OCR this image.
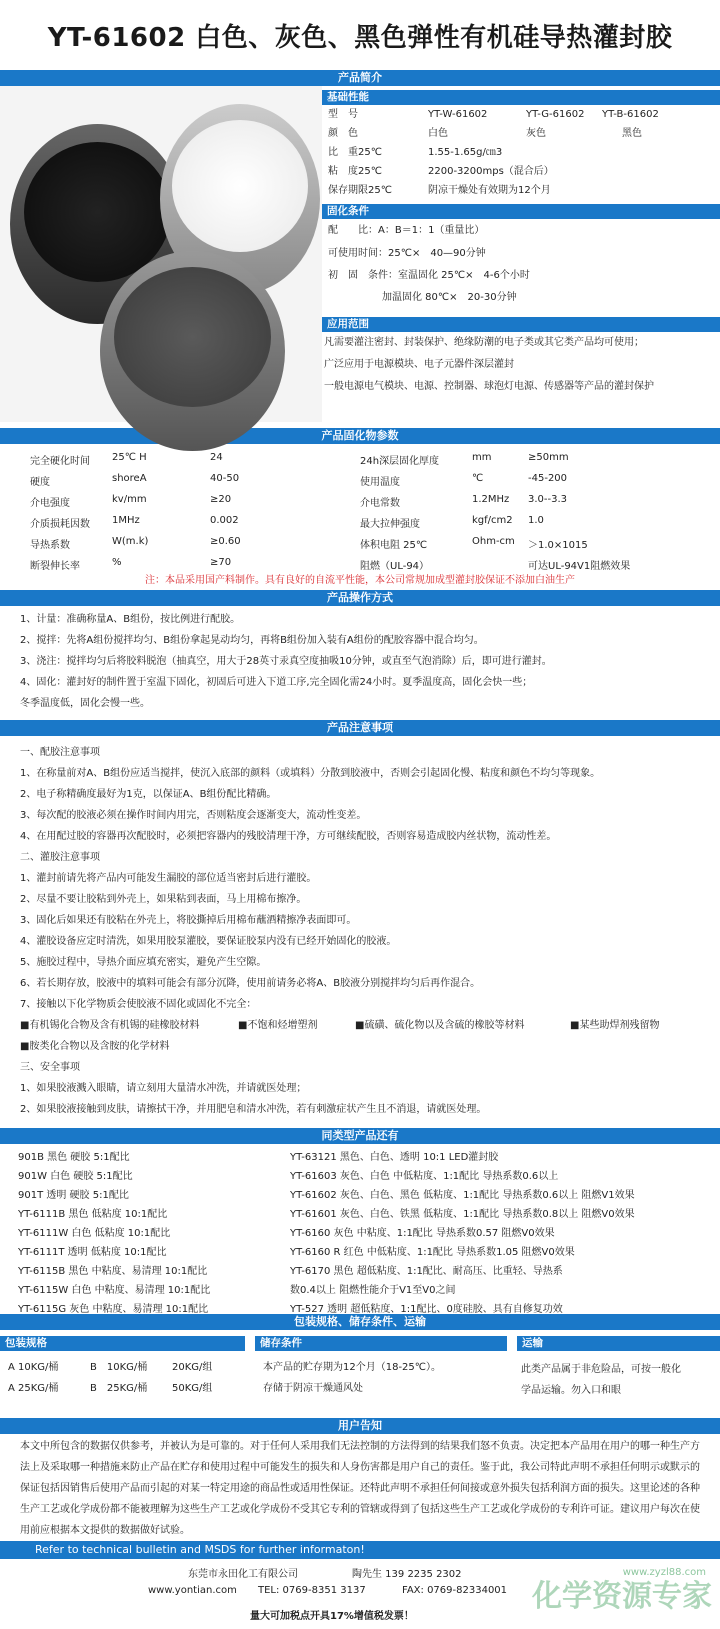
YT-61602 白色、灰色、黑色弹性有机硅导热灌封胶
产品简介
基础性能
型　号	YT-W-61602	YT-G-61602 YT-B-61602
颜　色	白色	灰色	黑色
比　重25℃	1.55-1.65g/㎝3
粘　度25℃	2200-3200mps（混合后）
保存期限25℃	阴凉干燥处有效期为12个月
固化条件
配　　比：A：B＝1：1（重量比）
可使用时间：25℃×　40—90分钟
初　固　条件：室温固化 25℃×　4-6个小时
加温固化 80℃×　20-30分钟
应用范围
凡需要灌注密封、封装保护、绝缘防潮的电子类或其它类产品均可使用；
广泛应用于电源模块、电子元器件深层灌封
一般电源电气模块、电源、控制器、球泡灯电源、传感器等产品的灌封保护
产品固化物参数
完全硬化时间 25℃ H	24	24h深层固化厚度	mm	≥50mm
硬度	shoreA	40-50	使用温度	℃	-45-200
介电强度	kv/mm	≥20	介电常数	1.2MHz 3.0--3.3
介质损耗因数 1MHz	0.002	最大拉伸强度	kgf/cm2 1.0
导热系数	W(m.k)	≥0.60	体积电阻 25℃	Ohm-cm ＞1.0×1015
断裂伸长率	%	≥70	阻燃（UL-94）	可达UL-94V1阻燃效果
注：本品采用国产料制作。具有良好的自流平性能，本公司常规加成型灌封胶保证不添加白油生产
产品操作方式

1、计量：准确称量A、B组份，按比例进行配胶。

2、搅拌：先将A组份搅拌均匀、B组份拿起晃动均匀，再将B组份加入装有A组份的配胶容器中混合均匀。

3、浇注：搅拌均匀后将胶料脱泡（抽真空，用大于28英寸汞真空度抽吸10分钟，或直至气泡消除）后，即可进行灌封。

4、固化：灌封好的制件置于室温下固化，初固后可进入下道工序,完全固化需24小时。夏季温度高，固化会快一些；

冬季温度低，固化会慢一些。

产品注意事项

一、配胶注意事项

1、在称量前对A、B组份应适当搅拌，使沉入底部的颜料（或填料）分散到胶液中，否则会引起固化慢、粘度和颜色不均匀等现象。

2、电子称精确度最好为1克，以保证A、B组份配比精确。

3、每次配的胶液必须在操作时间内用完，否则粘度会逐渐变大，流动性变差。

4、在用配过胶的容器再次配胶时，必须把容器内的残胶清理干净，方可继续配胶，否则容易造成胶内丝状物，流动性差。

二、灌胶注意事项

1、灌封前请先将产品内可能发生漏胶的部位适当密封后进行灌胶。

2、尽量不要让胶粘到外壳上，如果粘到表面，马上用棉布擦净。

3、固化后如果还有胶粘在外壳上，将胶撕掉后用棉布蘸酒精擦净表面即可。

4、灌胶设备应定时清洗，如果用胶泵灌胶，要保证胶泵内没有已经开始固化的胶液。

5、施胶过程中，导热介面应填充密实，避免产生空隙。

6、若长期存放，胶液中的填料可能会有部分沉降，使用前请务必将A、B胶液分别搅拌均匀后再作混合。

7、接触以下化学物质会使胶液不固化或固化不完全：

■有机锡化合物及含有机锡的硅橡胶材料	■不饱和烃增塑剂	■硫磺、硫化物以及含硫的橡胶等材料	■某些助焊剂残留物

■胺类化合物以及含胺的化学材料

三、安全事项

1、如果胶液溅入眼睛，请立刻用大量清水冲洗，并请就医处理；

2、如果胶液接触到皮肤，请擦拭干净，并用肥皂和清水冲洗，若有刺激症状产生且不消退，请就医处理。

同类型产品还有
901B 黑色 硬胶 5:1配比
901W 白色 硬胶 5:1配比
901T 透明 硬胶 5:1配比
YT-6111B 黑色 低粘度 10:1配比
YT-6111W 白色 低粘度 10:1配比
YT-6111T 透明 低粘度 10:1配比
YT-6115B 黑色 中粘度、易清理 10:1配比
YT-6115W 白色 中粘度、易清理 10:1配比
YT-6115G 灰色 中粘度、易清理 10:1配比
YT-63121 黑色、白色、透明 10:1 LED灌封胶
YT-61603 灰色、白色 中低粘度、1:1配比 导热系数0.6以上
YT-61602 灰色、白色、黑色 低粘度、1:1配比 导热系数0.6以上 阻燃V1效果
YT-61601 灰色、白色、铁黑 低粘度、1:1配比 导热系数0.8以上 阻燃V0效果
YT-6160 灰色 中粘度、1:1配比 导热系数0.57 阻燃V0效果
YT-6160 R 红色 中低粘度、1:1配比 导热系数1.05 阻燃V0效果
YT-6170 黑色 超低粘度、1:1配比、耐高压、比重轻、导热系
数0.4以上 阻燃性能介于V1至V0之间
YT-527 透明 超低粘度、1:1配比、0度硅胶、具有自修复功效
包装规格、储存条件、运输
包装规格
A 10KG/桶	B　10KG/桶 20KG/组
A 25KG/桶	B　25KG/桶 50KG/组
储存条件
本产品的贮存期为12个月（18-25℃）。
存储于阴凉干燥通风处
运输
此类产品属于非危险品，可按一般化
学品运输。勿入口和眼
用户告知

本文中所包含的数据仅供参考，并被认为是可靠的。对于任何人采用我们无法控制的方法得到的结果我们怒不负责。决定把本产品用在用户的哪一种生产方法上及采取哪一种措施来防止产品在贮存和使用过程中可能发生的损失和人身伤害都是用户自己的责任。鉴于此，我公司特此声明不承担任何明示或默示的保证包括因销售后使用产品而引起的对某一特定用途的商品性或适用性保证。还特此声明不承担任何间接或意外损失包括利润方面的损失。这里论述的各种生产工艺或化学成份都不能被理解为这些生产工艺或化学成份不受其它专利的管辖或得到了包括这些生产工艺或化学成份的专利许可证。建议用户每次在使用前应根据本文提供的数据做好试验。

Refer to technical bulletin and MSDS for further informaton!
东莞市永田化工有限公司	陶先生 139 2235 2302
www.yontian.com TEL: 0769-8351 3137	FAX: 0769-82334001
量大可加税点开具17%增值税发票！
化学资源专家
www.zyzl88.com
